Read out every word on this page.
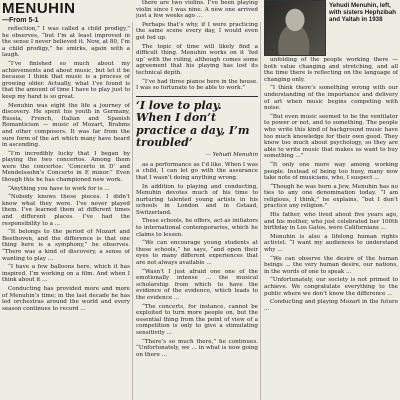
MENUHIN
—From 5-1

reflection,” I was called a child prodigy,” he observes, “but I’m at least improved in the sense I never believed it. Now, at 80, I’m a child prodigy,” he smirks, again with a laugh.

“I’ve finished so much about my achievements and about music, but let it be because I think that music is a process of growing older. Actually, what I’ve found is that the amount of time I have to play just to keep my hand is so great.

Menuhin was eight the life a journey of discovery. He spent his youth in Germany, Russia, French, Italian and Spanish Romanticism — music of Mozart, Brahms and other composers. It was far from the sure form of the art which many have heard in ascending.

“I’m incredibly lucky that I began by playing the two concertos. Among them were the concertos: ‘Concerto in D’ and Mendelssohn’s Concerto in E minor.” Even though this he has championed new work.

“Anything you have to work for is ...

“Nobody knows these pieces. I didn’t know what they were. I’ve never played them. I’ve learned them at different times and different places. I’ve had the responsibility to a ...

“It belongs to the period of Mozart and Beethoven, and the difference is that one thing here is a symphony,” he observes. “There was a kind of discovery, a sense of wanting to play ...

“I have a few balloons here, which it has inspired. I’m working on a film. And when I think about it ...

Conducting has provided more and more of Menuhin’s time; in the last decade he has led orchestras around the world and every season continues to record ...

there are two violins. I’ve been playing violin since I was nine. A new one arrived just a few weeks ago ...

Perhaps that’s why, if I were practicing the same scene every day, I would even get fed up.

The topic of time will likely find a difficult thing. Menuhin works on it ‘fed up’ with the ruling, although comes some agreement that his playing has lost its technical depth.

“I’ve had three pianos here in the house. I was so fortunate to be able to work.”

‘I love to play. When I don’t practice a day, I’m troubled’

— Yehudi Menuhin

as a performance as I’d like. When I was a child, I can let go with the assurance that I wasn’t doing anything wrong.

In addition to playing and conducting, Menuhin devotes much of his time to nurturing talented young artists in his schools in London and in Gstaad, Switzerland.

These schools, he offers, act as initiators to international contemporaries, which he claims to lessen.

“We can encourage young students at these schools,” he says, “and open their eyes to many different experiences that are not always available ...

“Wasn’t I just afraid one one of the emotionally intense ... the musical scholarship from which to have the evidence of the evidence, which leads to the evidence ...

“The concerts, for instance, cannot be exploited to turn more people on, but the essential thing from the point of view of a competition is only to give a stimulating sensitivity ...

“There’s so much there,” he continues. “Unfortunately, we ... in what is now going on there ...

Yehudi Menuhin, left, with sisters Hephzibah and Yaltah in 1938

unfolding of the people working there — both value changing and stretching, and all the time there is reflecting on the language of changing only.

“I think there’s something wrong with our understanding of the importance and delivery of art when music begins competing with noise.

“But even music seemed to be the ventilator to power or not, and to something. The people who write this kind of background music have too much knowledge for their own good. They know too much about psychology, so they are able to write music that makes us want to buy something ...”

“It only one more way among working people. Instead of being too busy, many now take note of musicians, who, I suspect ...

“Though he was born a Jew, Menuhin has no ties to any one denomination today. “I am religious, I think,” he explains, “but I don’t practice any religion.”

His father, who lived about five years ago, and his mother, who just celebrated her 100th birthday in Los Gatos, were Californians ...

Menuhin is also a lifelong human rights activist. “I want my audiences to understand why ...

“We can observe the desire of the human beings ... the very human desire, our nations, in the words of one to speak ...

“Unfortunately, our society is not primed to achieve. We congratulate everything to the public where we don’t know the difference ...

Conducting and playing Mozart in the future ...
